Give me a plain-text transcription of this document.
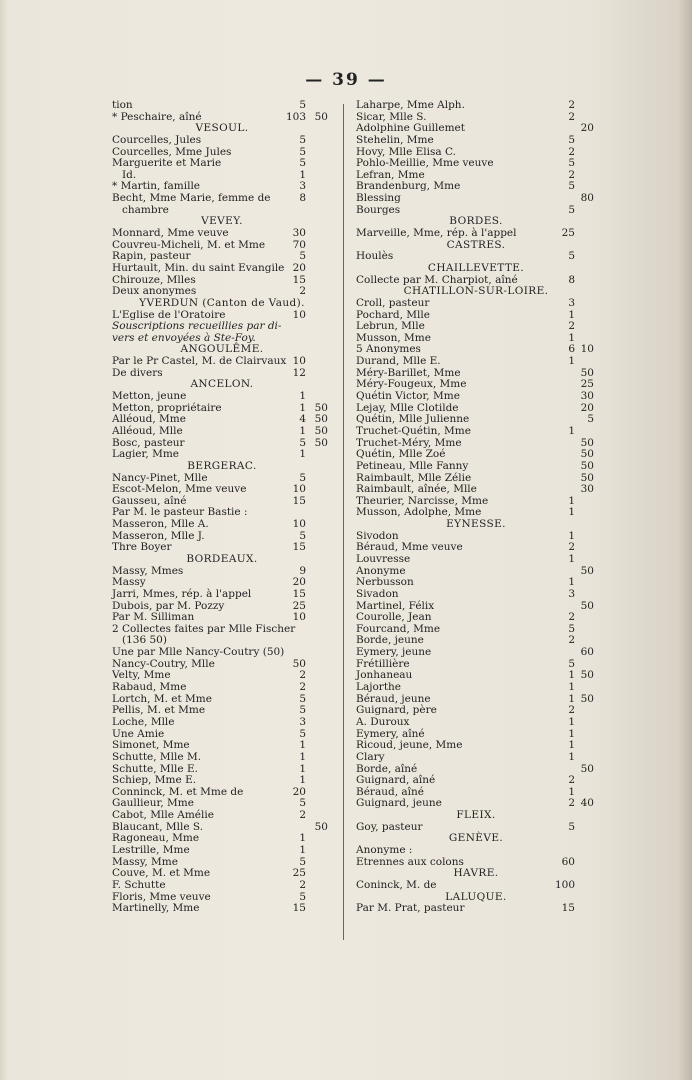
— 39 —
tion	5
* Peschaire, aîné	103 50
VESOUL.
Courcelles, Jules	5
Courcelles, Mme Jules	5
Marguerite et Marie	5
Id.	1
* Martin, famille	3
Becht, Mme Marie, femme de	8
chambre
VEVEY.
Monnard, Mme veuve	30
Couvreu-Micheli, M. et Mme	70
Rapin, pasteur	5
Hurtault, Min. du saint Evangile 20
Chirouze, Mlles	15
Deux anonymes	2
YVERDUN (Canton de Vaud).
L'Eglise de l'Oratoire	10
Souscriptions recueillies par di-
vers et envoyées à Ste-Foy.
ANGOULÊME.
Par le Pr Castel, M. de Clairvaux 10
De divers	12
ANCELON.
Metton, jeune	1
Metton, propriétaire	1 50
Alléoud, Mme	4 50
Alléoud, Mlle	1 50
Bosc, pasteur	5 50
Lagier, Mme	1
BERGERAC.
Nancy-Pinet, Mlle	5
Escot-Melon, Mme veuve	10
Gausseu, aîné	15
Par M. le pasteur Bastie :
Masseron, Mlle A.	10
Masseron, Mlle J.	5
Thre Boyer	15
BORDEAUX.
Massy, Mmes	9
Massy	20
Jarri, Mmes, rép. à l'appel	15
Dubois, par M. Pozzy	25
Par M. Silliman	10
2 Collectes faites par Mlle Fischer
(136 50)
Une par Mlle Nancy-Coutry (50)
Nancy-Coutry, Mlle	50
Velty, Mme	2
Rabaud, Mme	2
Lortch, M. et Mme	5
Pellis, M. et Mme	5
Loche, Mlle	3
Une Amie	5
Simonet, Mme	1
Schutte, Mlle M.	1
Schutte, Mlle E.	1
Schiep, Mme E.	1
Conninck, M. et Mme de	20
Gaullieur, Mme	5
Cabot, Mlle Amélie	2
Blaucant, Mlle S.	50
Ragoneau, Mme	1
Lestrille, Mme	1
Massy, Mme	5
Couve, M. et Mme	25
F. Schutte	2
Floris, Mme veuve	5
Martinelly, Mme	15
Laharpe, Mme Alph.	2
Sicar, Mlle S.	2
Adolphine Guillemet	20
Stehelin, Mme	5
Hovy, Mlle Elisa C.	2
Pohlo-Meillie, Mme veuve	5
Lefran, Mme	2
Brandenburg, Mme	5
Blessing	80
Bourges	5
BORDES.
Marveille, Mme, rép. à l'appel	25
CASTRES.
Houlès	5
CHAILLEVETTE.
Collecte par M. Charpiot, aîné	8
CHATILLON-SUR-LOIRE.
Croll, pasteur	3
Pochard, Mlle	1
Lebrun, Mlle	2
Musson, Mme	1
5 Anonymes	6 10
Durand, Mlle E.	1
Méry-Barillet, Mme	50
Méry-Fougeux, Mme	25
Quétin Victor, Mme	30
Lejay, Mlle Clotilde	20
Quétin, Mlle Julienne	5
Truchet-Quétin, Mme	1
Truchet-Méry, Mme	50
Quétin, Mlle Zoé	50
Petineau, Mlle Fanny	50
Raimbault, Mlle Zélie	50
Raimbault, aînée, Mlle	30
Theurier, Narcisse, Mme	1
Musson, Adolphe, Mme	1
EYNESSE.
Sivodon	1
Béraud, Mme veuve	2
Louvresse	1
Anonyme	50
Nerbusson	1
Sivadon	3
Martinel, Félix	50
Courolle, Jean	2
Fourcand, Mme	5
Borde, jeune	2
Eymery, jeune	60
Frétillière	5
Jonhaneau	1 50
Lajorthe	1
Béraud, jeune	1 50
Guignard, père	2
A. Duroux	1
Eymery, aîné	1
Ricoud, jeune, Mme	1
Clary	1
Borde, aîné	50
Guignard, aîné	2
Béraud, aîné	1
Guignard, jeune	2 40
FLEIX.
Goy, pasteur	5
GENÈVE.
Anonyme :
Etrennes aux colons	60
HAVRE.
Coninck, M. de	100
LALUQUE.
Par M. Prat, pasteur	15
